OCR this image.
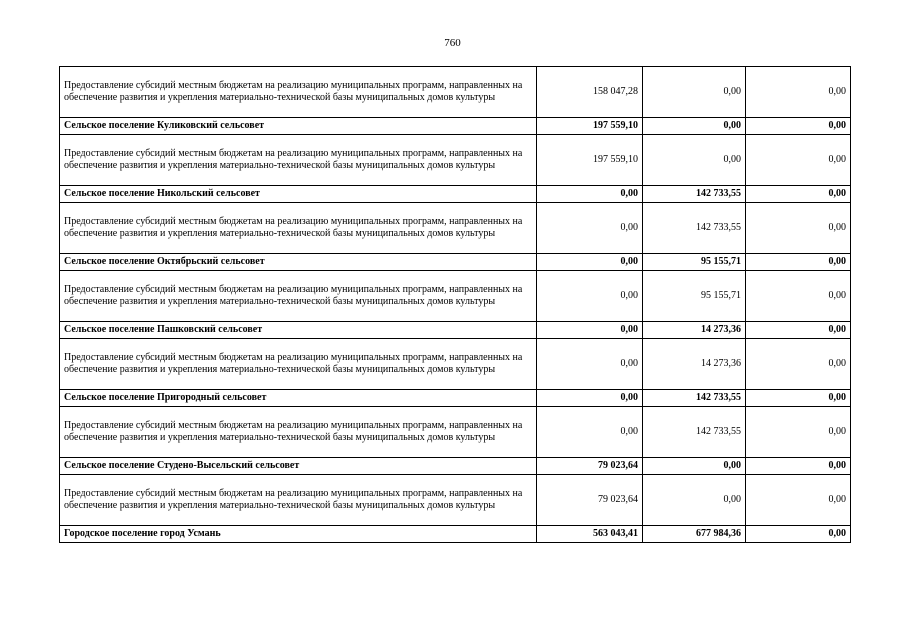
760
Предоставление субсидий местным бюджетам на реализацию муниципальных программ, направленных на обеспечение развития и укрепления материально-технической базы муниципальных домов культуры	158 047,28	0,00	0,00
Сельское поселение Куликовский сельсовет	197 559,10	0,00	0,00
Предоставление субсидий местным бюджетам на реализацию муниципальных программ, направленных на обеспечение развития и укрепления материально-технической базы муниципальных домов культуры	197 559,10	0,00	0,00
Сельское поселение Никольский сельсовет	0,00	142 733,55	0,00
Предоставление субсидий местным бюджетам на реализацию муниципальных программ, направленных на обеспечение развития и укрепления материально-технической базы муниципальных домов культуры	0,00	142 733,55	0,00
Сельское поселение Октябрьский сельсовет	0,00	95 155,71	0,00
Предоставление субсидий местным бюджетам на реализацию муниципальных программ, направленных на обеспечение развития и укрепления материально-технической базы муниципальных домов культуры	0,00	95 155,71	0,00
Сельское поселение Пашковский сельсовет	0,00	14 273,36	0,00
Предоставление субсидий местным бюджетам на реализацию муниципальных программ, направленных на обеспечение развития и укрепления материально-технической базы муниципальных домов культуры	0,00	14 273,36	0,00
Сельское поселение Пригородный сельсовет	0,00	142 733,55	0,00
Предоставление субсидий местным бюджетам на реализацию муниципальных программ, направленных на обеспечение развития и укрепления материально-технической базы муниципальных домов культуры	0,00	142 733,55	0,00
Сельское поселение Студено-Высельский сельсовет	79 023,64	0,00	0,00
Предоставление субсидий местным бюджетам на реализацию муниципальных программ, направленных на обеспечение развития и укрепления материально-технической базы муниципальных домов культуры	79 023,64	0,00	0,00
Городское поселение город Усмань	563 043,41	677 984,36	0,00
